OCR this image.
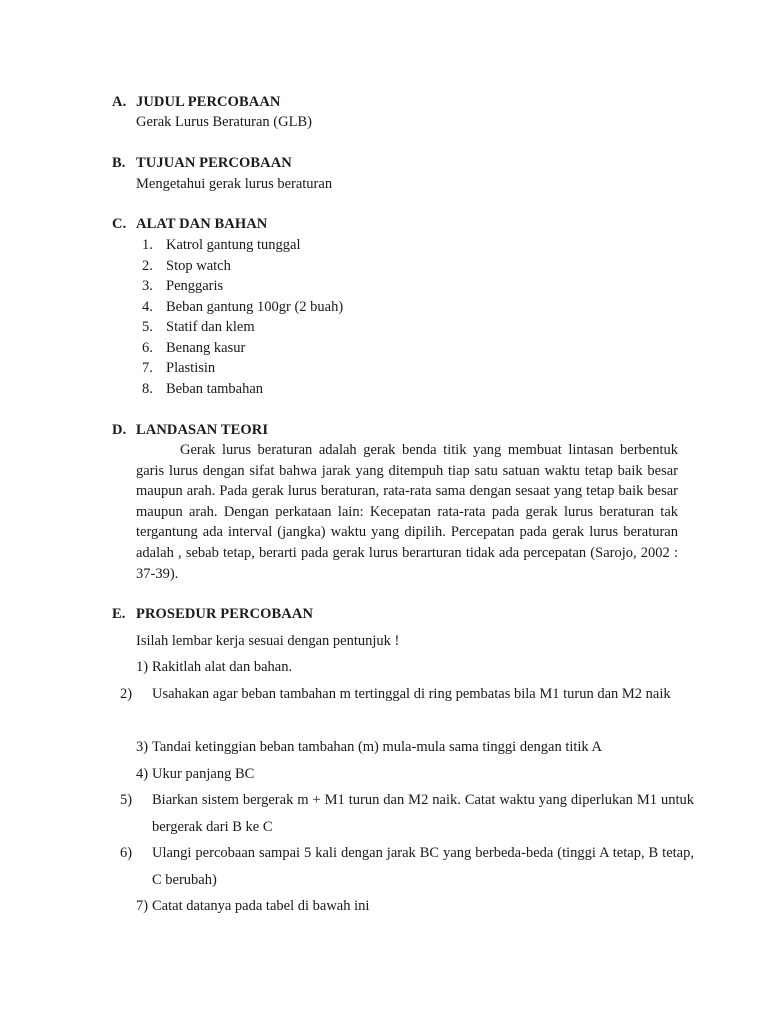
A. JUDUL PERCOBAAN
Gerak Lurus Beraturan (GLB)
B. TUJUAN PERCOBAAN
Mengetahui gerak lurus beraturan
C. ALAT DAN BAHAN
1. Katrol gantung tunggal
2. Stop watch
3. Penggaris
4. Beban gantung 100gr (2 buah)
5. Statif dan klem
6. Benang kasur
7. Plastisin
8. Beban tambahan
D. LANDASAN TEORI

Gerak lurus beraturan adalah gerak benda titik yang membuat lintasan berbentuk garis lurus dengan sifat bahwa jarak yang ditempuh tiap satu satuan waktu tetap baik besar maupun arah. Pada gerak lurus beraturan, rata-rata sama dengan sesaat yang tetap baik besar maupun arah. Dengan perkataan lain: Kecepatan rata-rata pada gerak lurus beraturan tak tergantung ada interval (jangka) waktu yang dipilih. Percepatan pada gerak lurus beraturan adalah , sebab tetap, berarti pada gerak lurus berarturan tidak ada percepatan (Sarojo, 2002 : 37-39).

E. PROSEDUR PERCOBAAN
Isilah lembar kerja sesuai dengan pentunjuk !
1) Rakitlah alat dan bahan.
2) Usahakan agar beban tambahan m tertinggal di ring pembatas bila M1 turun dan M2 naik
3) Tandai ketinggian beban tambahan (m) mula-mula sama tinggi dengan titik A
4) Ukur panjang BC
5) Biarkan sistem bergerak m + M1 turun dan M2 naik. Catat waktu yang diperlukan M1 untuk bergerak dari B ke C
6) Ulangi percobaan sampai 5 kali dengan jarak BC yang berbeda-beda (tinggi A tetap, B tetap, C berubah)
7) Catat datanya pada tabel di bawah ini
